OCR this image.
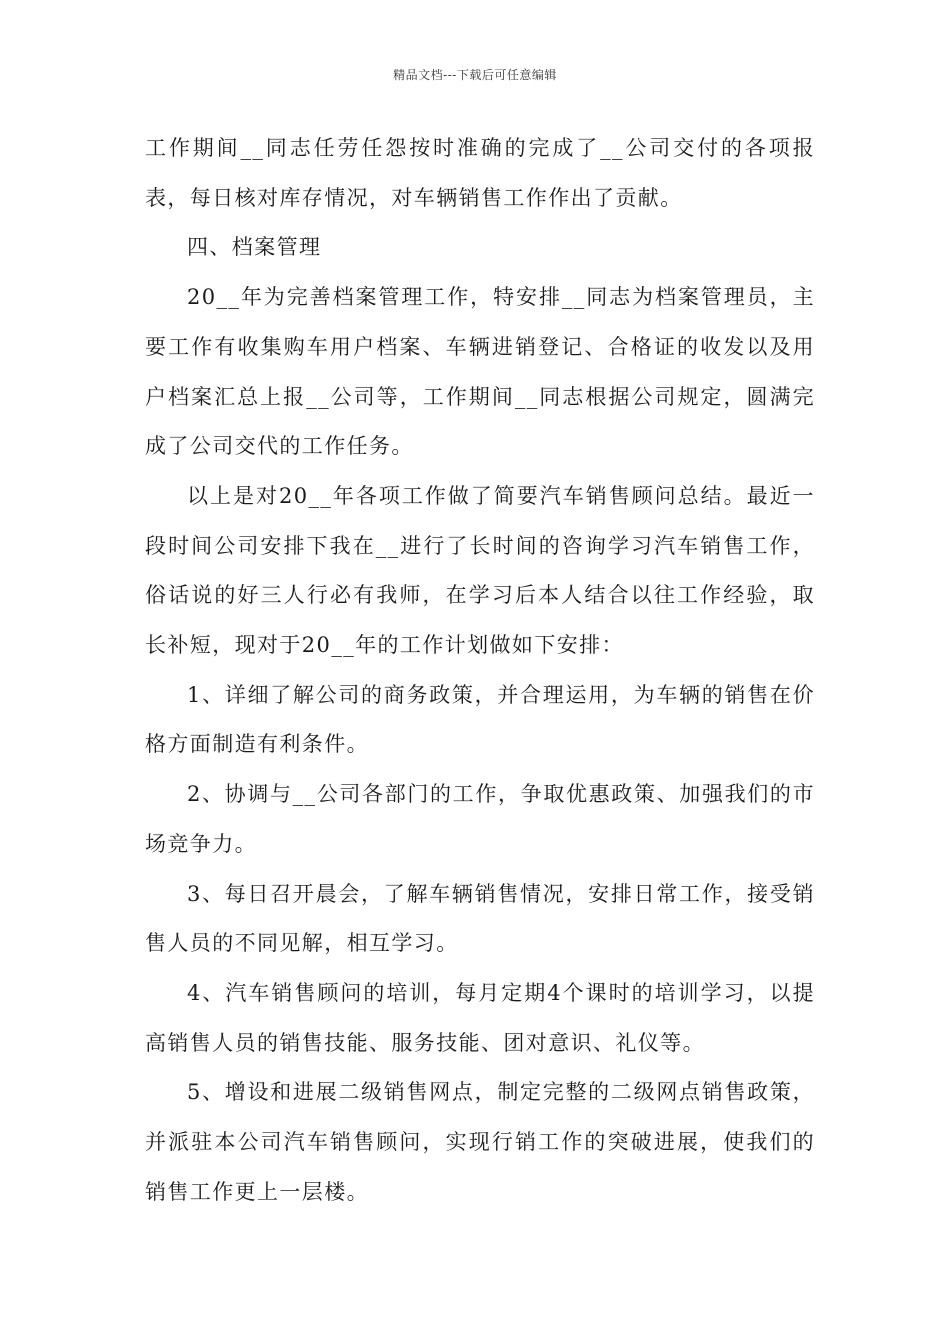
精品文档---下载后可任意编辑

工作期间__同志任劳任怨按时准确的完成了__公司交付的各项报表，每日核对库存情况，对车辆销售工作作出了贡献。

四、档案管理

20__年为完善档案管理工作，特安排__同志为档案管理员，主要工作有收集购车用户档案、车辆进销登记、合格证的收发以及用户档案汇总上报__公司等，工作期间__同志根据公司规定，圆满完成了公司交代的工作任务。

以上是对20__年各项工作做了简要汽车销售顾问总结。最近一段时间公司安排下我在__进行了长时间的咨询学习汽车销售工作，俗话说的好三人行必有我师，在学习后本人结合以往工作经验，取长补短，现对于20__年的工作计划做如下安排：

1、详细了解公司的商务政策，并合理运用，为车辆的销售在价格方面制造有利条件。

2、协调与__公司各部门的工作，争取优惠政策、加强我们的市场竞争力。

3、每日召开晨会，了解车辆销售情况，安排日常工作，接受销售人员的不同见解，相互学习。

4、汽车销售顾问的培训，每月定期4个课时的培训学习，以提高销售人员的销售技能、服务技能、团对意识、礼仪等。

5、增设和进展二级销售网点，制定完整的二级网点销售政策，并派驻本公司汽车销售顾问，实现行销工作的突破进展，使我们的销售工作更上一层楼。
